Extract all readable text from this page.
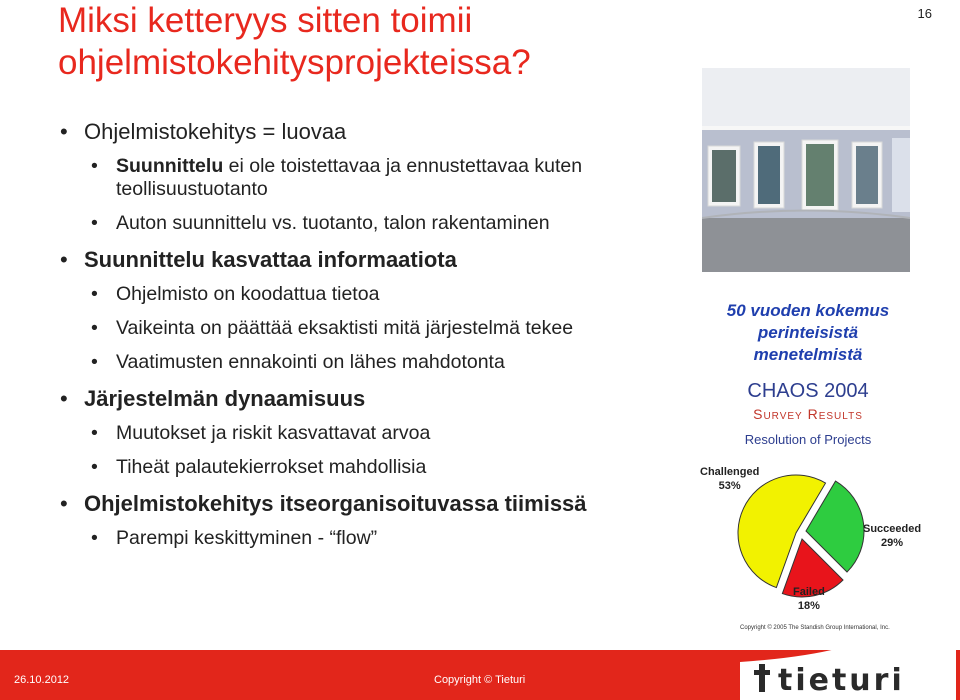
Miksi ketteryys sitten toimii ohjelmistokehitysprojekteissa?
16
• Ohjelmistokehitys = luovaa
• Suunnittelu ei ole toistettavaa ja ennustettavaa kuten teollisuustuotanto
• Auton suunnittelu vs. tuotanto, talon rakentaminen
• Suunnittelu kasvattaa informaatiota
• Ohjelmisto on koodattua tietoa
• Vaikeinta on päättää eksaktisti mitä järjestelmä tekee
• Vaatimusten ennakointi on lähes mahdotonta
• Järjestelmän dynaamisuus
• Muutokset ja riskit kasvattavat arvoa
• Tiheät palautekierrokset mahdollisia
• Ohjelmistokehitys itseorganisoituvassa tiimissä
• Parempi keskittyminen - “flow”
50 vuoden kokemus perinteisistä menetelmistä
CHAOS 2004
Survey Results
Resolution of Projects
Challenged
53%
Succeeded
29%
Failed
18%
Copyright © 2005 The Standish Group International, Inc.
26.10.2012	Copyright © Tieturi	tieturi
